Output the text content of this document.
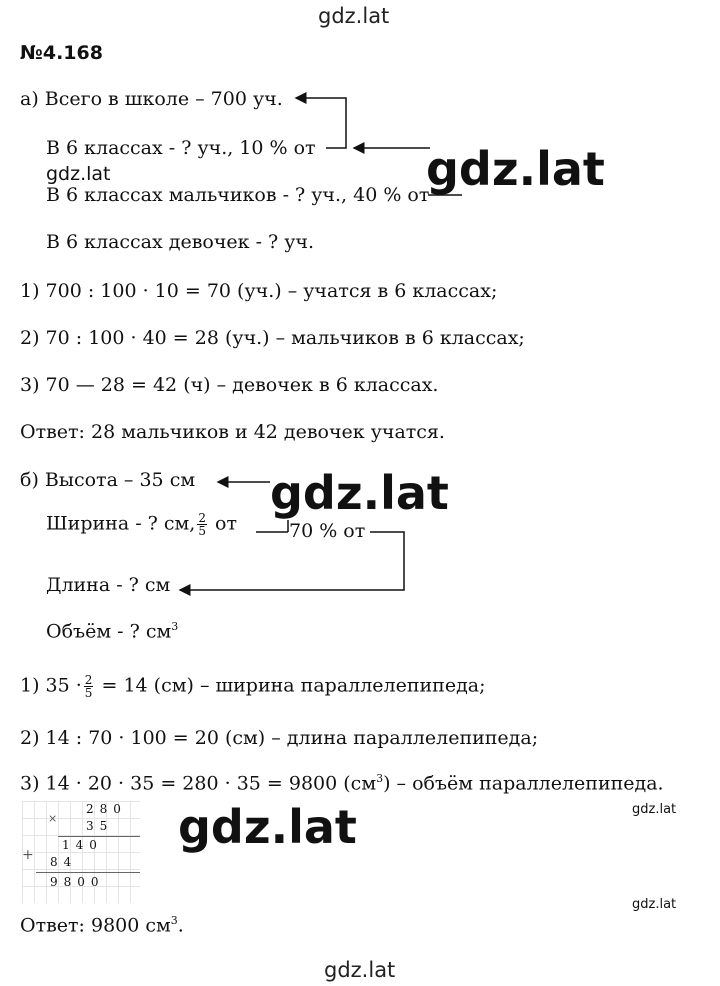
gdz.lat
№4.168
а) Всего в школе – 700 уч.
В 6 классах - ? уч., 10 % от
gdz.lat	gdz.lat
В 6 классах мальчиков - ? уч., 40 % от
В 6 классах девочек - ? уч.
1) 700 : 100 · 10 = 70 (уч.) – учатся в 6 классах;
2) 70 : 100 · 40 = 28 (уч.) – мальчиков в 6 классах;
3) 70 — 28 = 42 (ч) – девочек в 6 классах.
Ответ: 28 мальчиков и 42 девочек учатся.
б) Высота – 35 см gdz.lat
Ширина - ? см, $\frac{2}{5}$ от	70 % от
Длина - ? см
Объём - ? $см^3$
1) $35 \cdot \frac{2}{5} = 14$ (см) – ширина параллелепипеда;
2) 14 : 70 · 100 = 20 (см) – длина параллелепипеда;
3) 14 · 20 · 35 = 280 · 35 = 9800 $(см^3)$ – объём параллелепипеда.
gdz.lat
gdz.lat
280
×
35
140
+ 84
9800
gdz.lat
Ответ: 9800 $см^3$.
gdz.lat
